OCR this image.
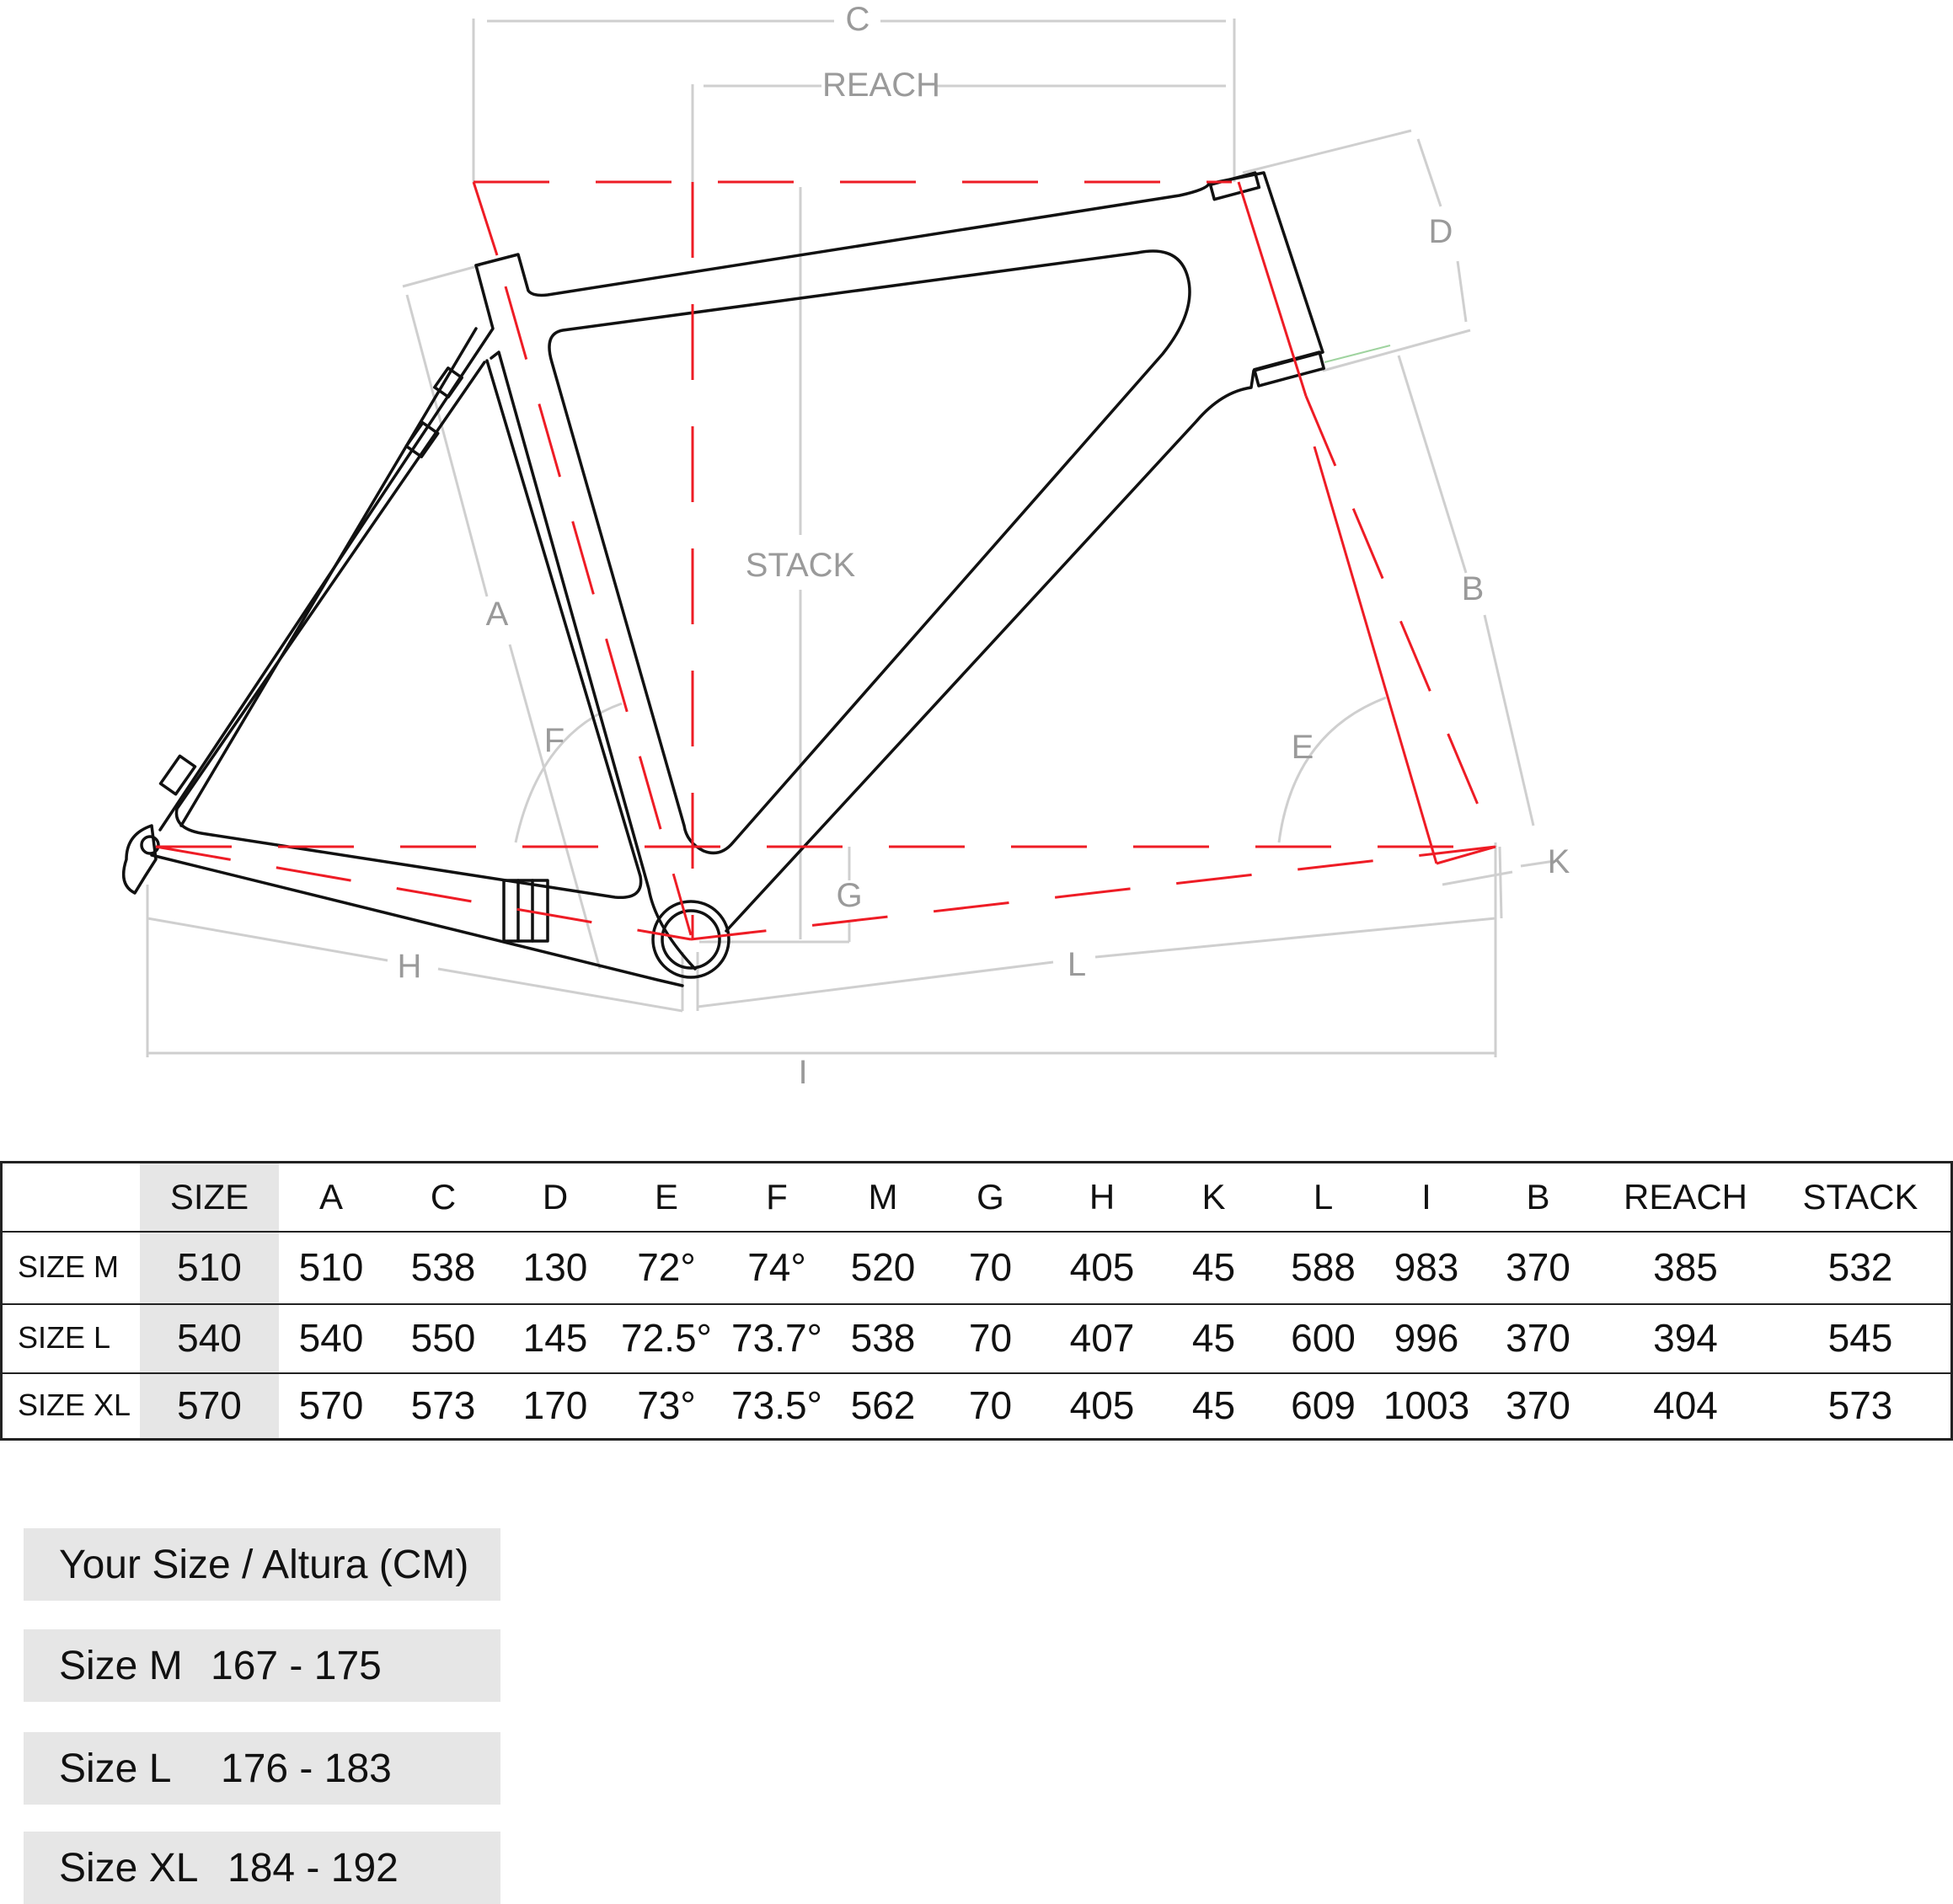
C
REACH
D
STACK
A
B
F	E
G
K
H	L
I
SIZE	A	C	D	E	F	M	G	H	K	L	I	B	REACH	STACK
SIZE M	510	510	538	130	72°	74°	520	70	405	45	588 983	370	385	532
SIZE L	540	540	550	145 72.5° 73.7° 538	70	407	45	600 996	370	394	545
SIZE XL	570	570	573	170	73° 73.5° 562	70	405	45	609 1003 370	404	573
Your Size / Altura (CM)
Size M 167 - 175
Size L 176 - 183
Size XL 184 - 192
